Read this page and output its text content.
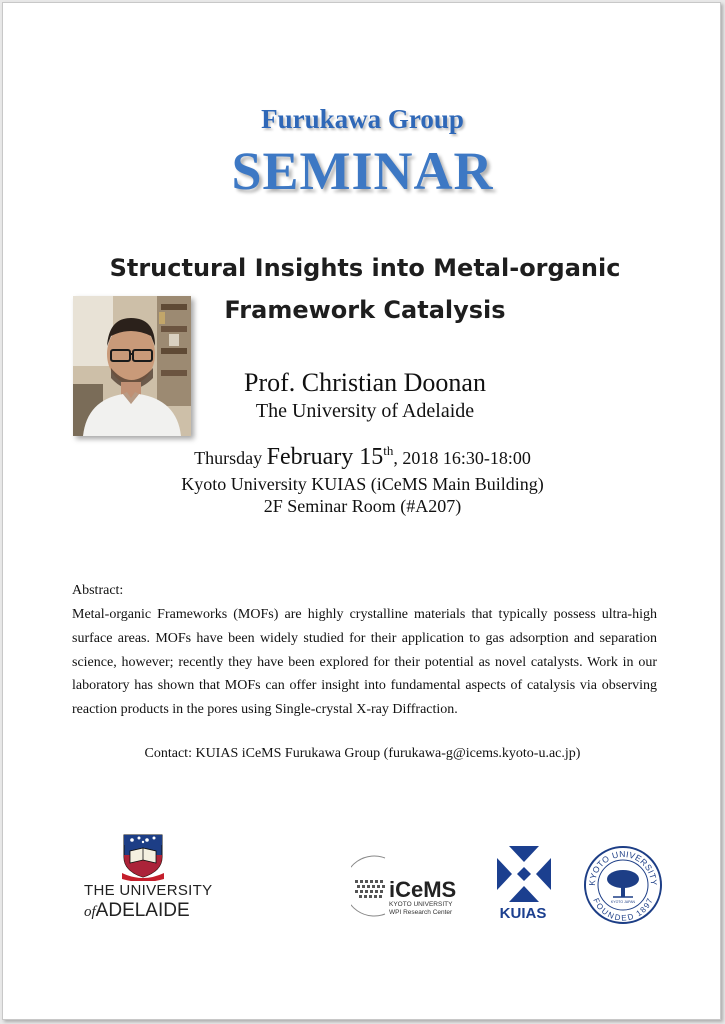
Furukawa Group
SEMINAR
Structural Insights into Metal-organic
Framework Catalysis
Prof. Christian Doonan
The University of Adelaide
Thursday February 15th, 2018 16:30-18:00
Kyoto University KUIAS (iCeMS Main Building)
2F Seminar Room (#A207)
Abstract:
Metal-organic Frameworks (MOFs) are highly crystalline materials that typically possess ultra-high surface areas. MOFs have been widely studied for their application to gas adsorption and separation science, however; recently they have been explored for their potential as novel catalysts. Work in our laboratory has shown that MOFs can offer insight into fundamental aspects of catalysis via observing reaction products in the pores using Single-crystal X-ray Diffraction.
Contact: KUIAS iCeMS Furukawa Group (furukawa-g@icems.kyoto-u.ac.jp)
THE UNIVERSITY
ofADELAIDE
iCeMS
KYOTO UNIVERSITY
WPI Research Center	KUIAS
KYOTO UNIVERSITY
FOUNDED 1897
KYOTO JAPAN
